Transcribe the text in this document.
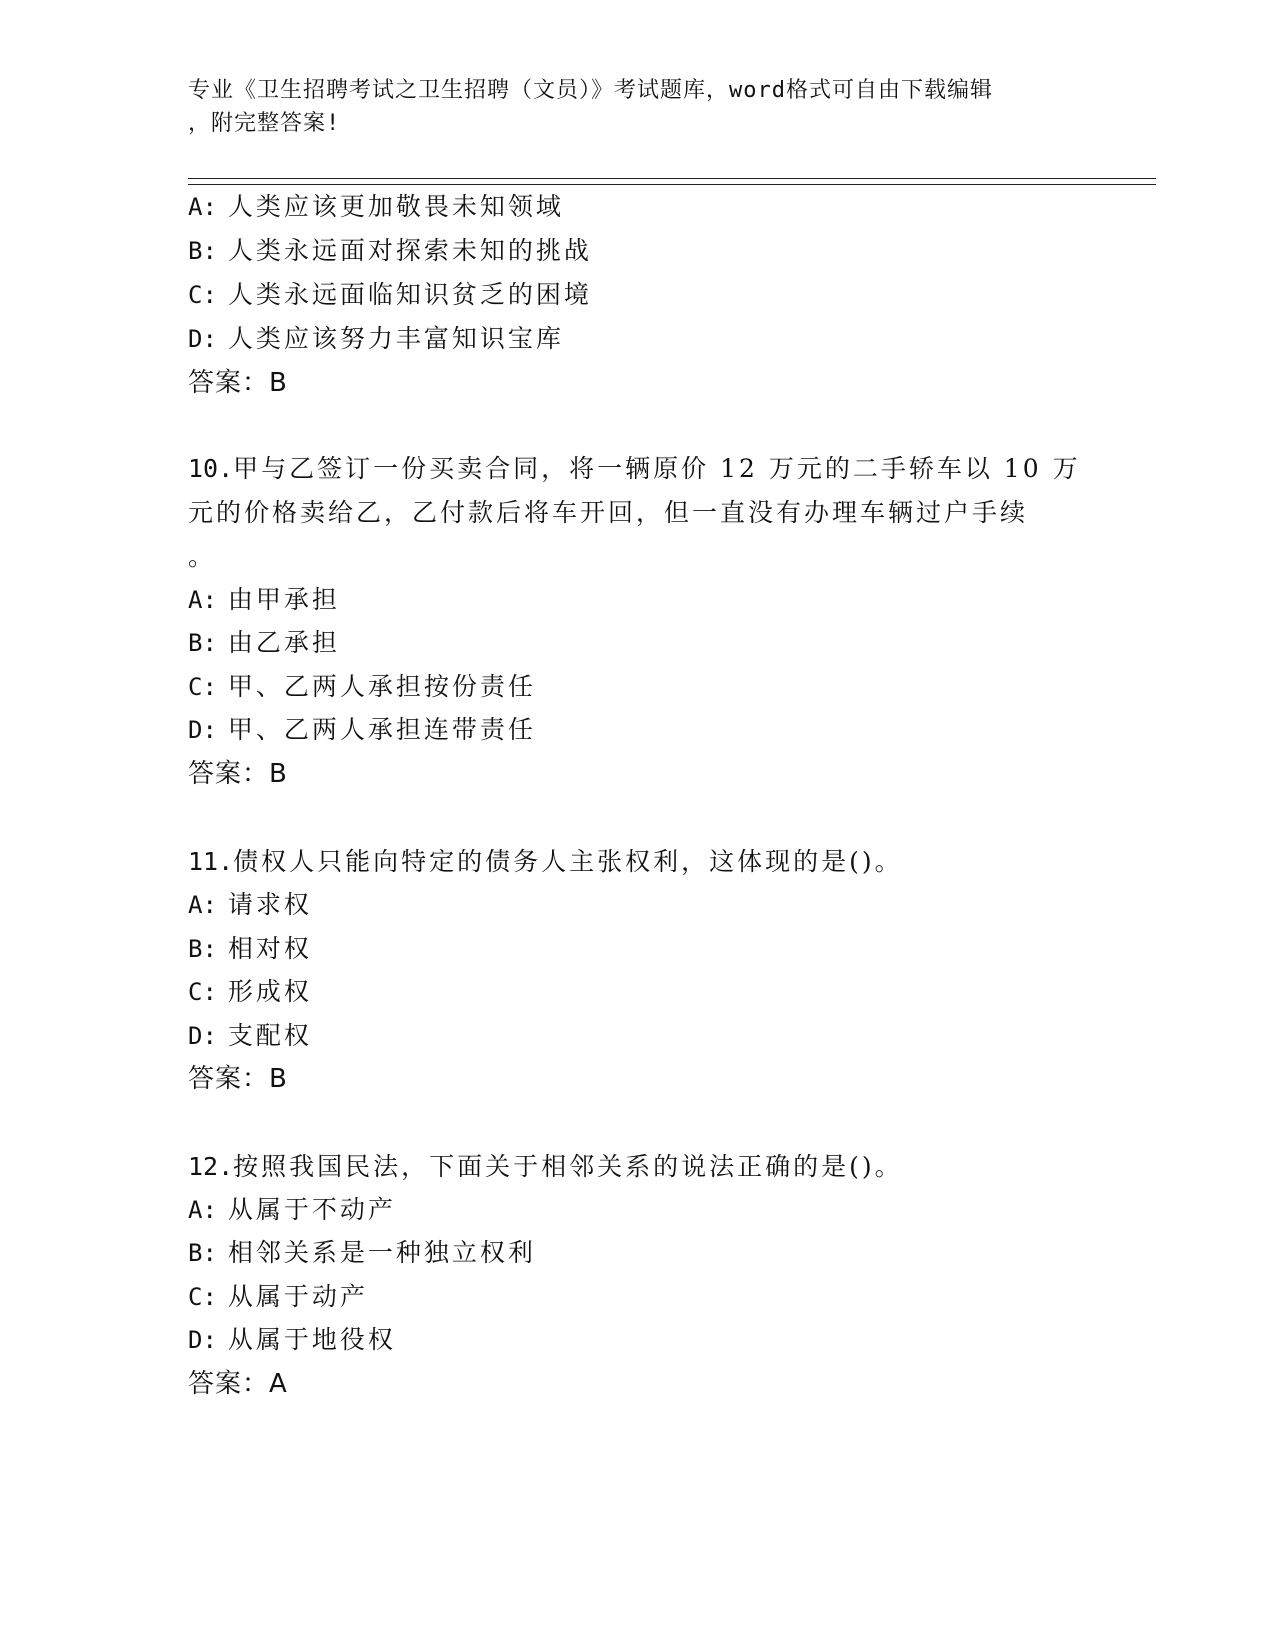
专业《卫生招聘考试之卫生招聘（文员）》考试题库，word格式可自由下载编辑
，附完整答案!
A: 人类应该更加敬畏未知领域
B: 人类永远面对探索未知的挑战
C: 人类永远面临知识贫乏的困境
D: 人类应该努力丰富知识宝库
答案：B
10.甲与乙签订一份买卖合同，将一辆原价 12 万元的二手轿车以 10 万
元的价格卖给乙，乙付款后将车开回，但一直没有办理车辆过户手续
。
A: 由甲承担
B: 由乙承担
C: 甲、乙两人承担按份责任
D: 甲、乙两人承担连带责任
答案：B
11.债权人只能向特定的债务人主张权利，这体现的是()。
A: 请求权
B: 相对权
C: 形成权
D: 支配权
答案：B
12.按照我国民法，下面关于相邻关系的说法正确的是()。
A: 从属于不动产
B: 相邻关系是一种独立权利
C: 从属于动产
D: 从属于地役权
答案：A
